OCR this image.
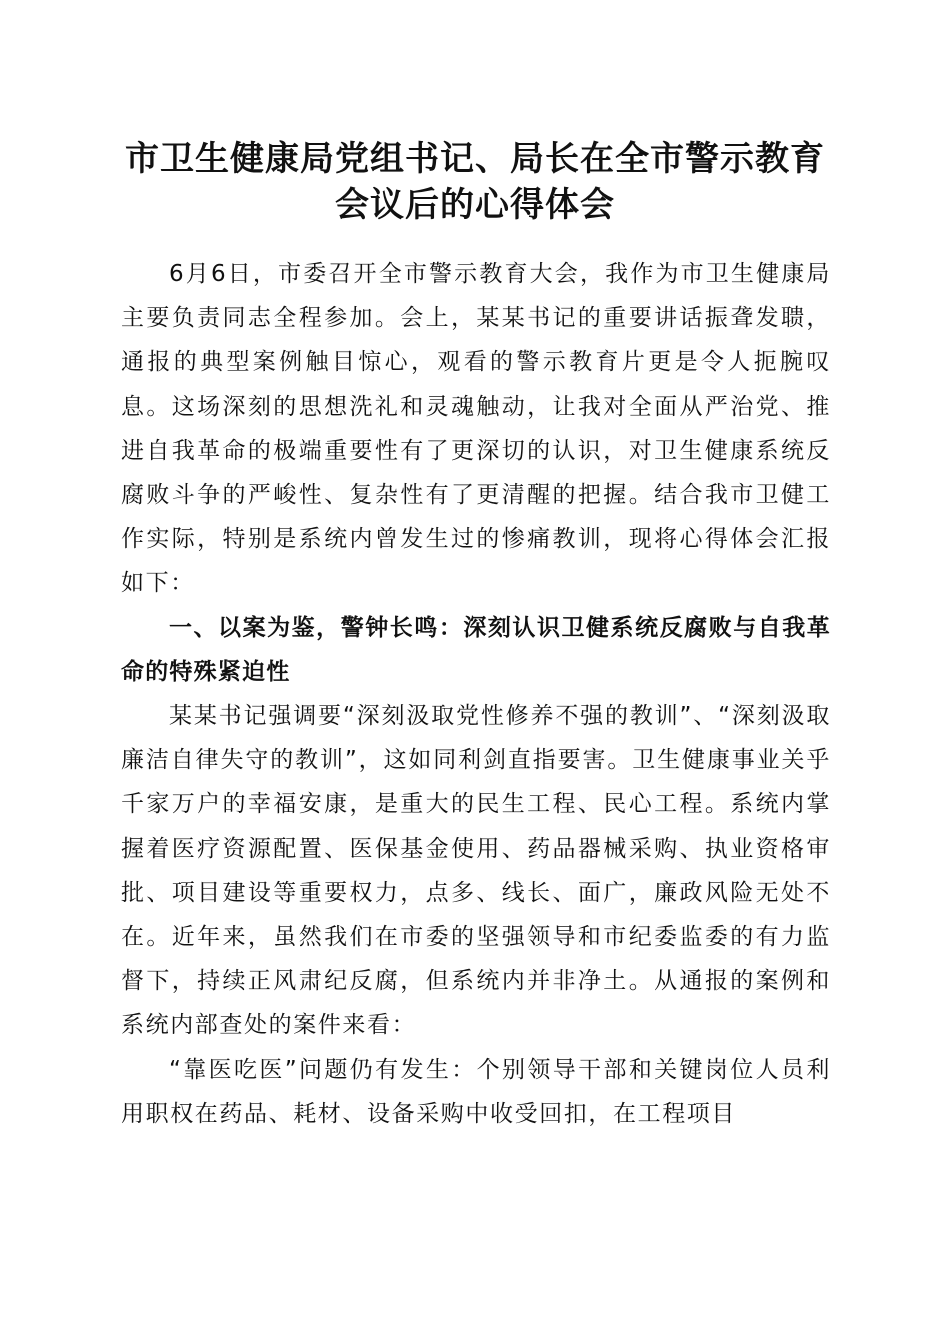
市卫生健康局党组书记、局长在全市警示教育
会议后的心得体会

6月6日，市委召开全市警示教育大会，我作为市卫生健康局主要负责同志全程参加。会上，某某书记的重要讲话振聋发聩，通报的典型案例触目惊心，观看的警示教育片更是令人扼腕叹息。这场深刻的思想洗礼和灵魂触动，让我对全面从严治党、推进自我革命的极端重要性有了更深切的认识，对卫生健康系统反腐败斗争的严峻性、复杂性有了更清醒的把握。结合我市卫健工作实际，特别是系统内曾发生过的惨痛教训，现将心得体会汇报如下：

一、以案为鉴，警钟长鸣：深刻认识卫健系统反腐败与自我革命的特殊紧迫性

某某书记强调要“深刻汲取党性修养不强的教训”、“深刻汲取廉洁自律失守的教训”，这如同利剑直指要害。卫生健康事业关乎千家万户的幸福安康，是重大的民生工程、民心工程。系统内掌握着医疗资源配置、医保基金使用、药品器械采购、执业资格审批、项目建设等重要权力，点多、线长、面广，廉政风险无处不在。近年来，虽然我们在市委的坚强领导和市纪委监委的有力监督下，持续正风肃纪反腐，但系统内并非净土。从通报的案例和系统内部查处的案件来看：

“靠医吃医”问题仍有发生：个别领导干部和关键岗位人员利用职权在药品、耗材、设备采购中收受回扣，在工程项目
